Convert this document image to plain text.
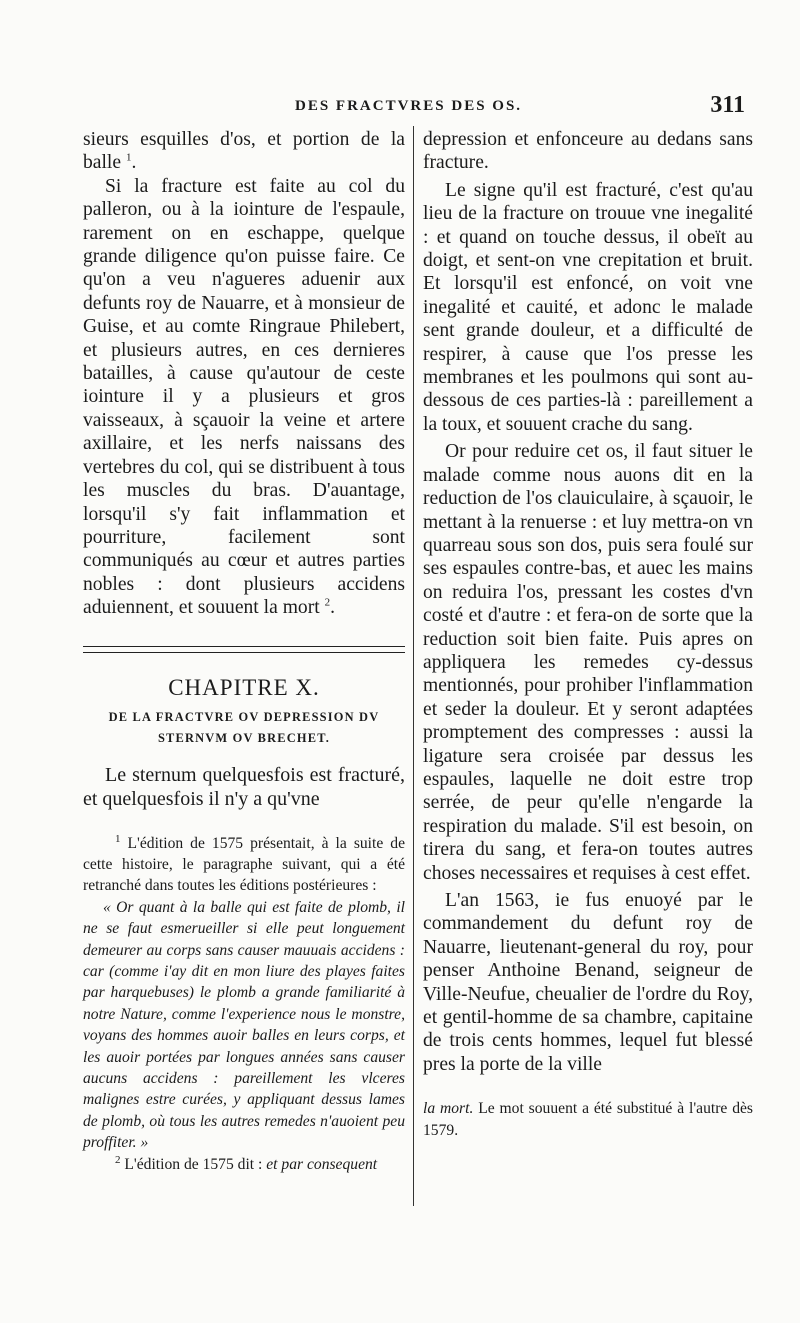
DES FRACTVRES DES OS.	311

sieurs esquilles d'os, et portion de la balle $^1$.

Si la fracture est faite au col du palleron, ou à la iointure de l'espaule, rarement on en eschappe, quelque grande diligence qu'on puisse faire. Ce qu'on a veu n'agueres aduenir aux defunts roy de Nauarre, et à monsieur de Guise, et au comte Ringraue Philebert, et plusieurs autres, en ces dernieres batailles, à cause qu'autour de ceste iointure il y a plusieurs et gros vaisseaux, à sçauoir la veine et artere axillaire, et les nerfs naissans des vertebres du col, qui se distribuent à tous les muscles du bras. D'auantage, lorsqu'il s'y fait inflammation et pourriture, facilement sont communiqués au cœur et autres parties nobles : dont plusieurs accidens aduiennent, et souuent la mort $^2$.

CHAPITRE X.
DE LA FRACTVRE OV DEPRESSION DV
STERNVM OV BRECHET.

Le sternum quelquesfois est fracturé, et quelquesfois il n'y a qu'vne

$^1$ L'édition de 1575 présentait, à la suite de cette histoire, le paragraphe suivant, qui a été retranché dans toutes les éditions postérieures :

« Or quant à la balle qui est faite de plomb, il ne se faut esmerueiller si elle peut longuement demeurer au corps sans causer mauuais accidens : car (comme i'ay dit en mon liure des playes faites par harquebuses) le plomb a grande familiarité à notre Nature, comme l'experience nous le monstre, voyans des hommes auoir balles en leurs corps, et les auoir portées par longues années sans causer aucuns accidens : pareillement les vlceres malignes estre curées, y appliquant dessus lames de plomb, où tous les autres remedes n'auoient peu proffiter. »

$^2$ L'édition de 1575 dit : et par consequent

depression et enfonceure au dedans sans fracture.

Le signe qu'il est fracturé, c'est qu'au lieu de la fracture on trouue vne inegalité : et quand on touche dessus, il obeït au doigt, et sent-on vne crepitation et bruit. Et lorsqu'il est enfoncé, on voit vne inegalité et cauité, et adonc le malade sent grande douleur, et a difficulté de respirer, à cause que l'os presse les membranes et les poulmons qui sont au-dessous de ces parties-là : pareillement a la toux, et souuent crache du sang.

Or pour reduire cet os, il faut situer le malade comme nous auons dit en la reduction de l'os clauiculaire, à sçauoir, le mettant à la renuerse : et luy mettra-on vn quarreau sous son dos, puis sera foulé sur ses espaules contre-bas, et auec les mains on reduira l'os, pressant les costes d'vn costé et d'autre : et fera-on de sorte que la reduction soit bien faite. Puis apres on appliquera les remedes cy-dessus mentionnés, pour prohiber l'inflammation et seder la douleur. Et y seront adaptées promptement des compresses : aussi la ligature sera croisée par dessus les espaules, laquelle ne doit estre trop serrée, de peur qu'elle n'engarde la respiration du malade. S'il est besoin, on tirera du sang, et fera-on toutes autres choses necessaires et requises à cest effet.

L'an 1563, ie fus enuoyé par le commandement du defunt roy de Nauarre, lieutenant-general du roy, pour penser Anthoine Benand, seigneur de Ville-Neufue, cheualier de l'ordre du Roy, et gentil-homme de sa chambre, capitaine de trois cents hommes, lequel fut blessé pres la porte de la ville

la mort. Le mot souuent a été substitué à l'autre dès 1579.
